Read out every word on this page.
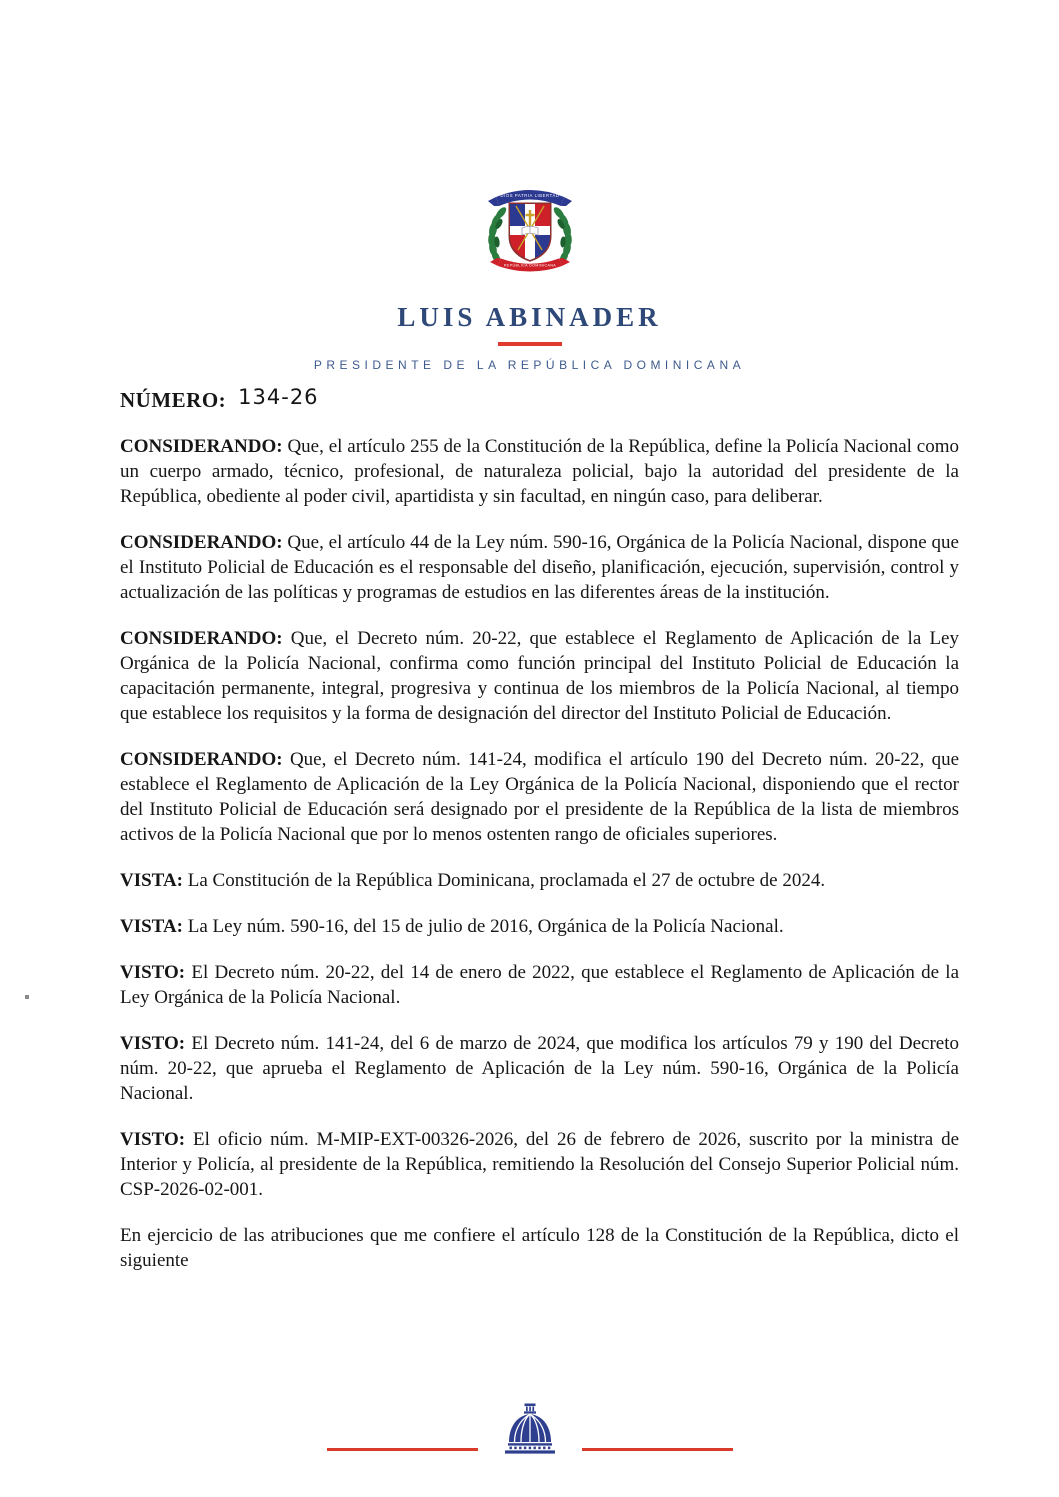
DIOS PATRIA LIBERTAD
REPÚBLICA DOMINICANA
LUIS ABINADER
PRESIDENTE DE LA REPÚBLICA DOMINICANA
NÚMERO: 134-26

CONSIDERANDO: Que, el artículo 255 de la Constitución de la República, define la Policía Nacional como un cuerpo armado, técnico, profesional, de naturaleza policial, bajo la autoridad del presidente de la República, obediente al poder civil, apartidista y sin facultad, en ningún caso, para deliberar.

CONSIDERANDO: Que, el artículo 44 de la Ley núm. 590-16, Orgánica de la Policía Nacional, dispone que el Instituto Policial de Educación es el responsable del diseño, planificación, ejecución, supervisión, control y actualización de las políticas y programas de estudios en las diferentes áreas de la institución.

CONSIDERANDO: Que, el Decreto núm. 20-22, que establece el Reglamento de Aplicación de la Ley Orgánica de la Policía Nacional, confirma como función principal del Instituto Policial de Educación la capacitación permanente, integral, progresiva y continua de los miembros de la Policía Nacional, al tiempo que establece los requisitos y la forma de designación del director del Instituto Policial de Educación.

CONSIDERANDO: Que, el Decreto núm. 141-24, modifica el artículo 190 del Decreto núm. 20-22, que establece el Reglamento de Aplicación de la Ley Orgánica de la Policía Nacional, disponiendo que el rector del Instituto Policial de Educación será designado por el presidente de la República de la lista de miembros activos de la Policía Nacional que por lo menos ostenten rango de oficiales superiores.

VISTA: La Constitución de la República Dominicana, proclamada el 27 de octubre de 2024.

VISTA: La Ley núm. 590-16, del 15 de julio de 2016, Orgánica de la Policía Nacional.

VISTO: El Decreto núm. 20-22, del 14 de enero de 2022, que establece el Reglamento de Aplicación de la Ley Orgánica de la Policía Nacional.

VISTO: El Decreto núm. 141-24, del 6 de marzo de 2024, que modifica los artículos 79 y 190 del Decreto núm. 20-22, que aprueba el Reglamento de Aplicación de la Ley núm. 590-16, Orgánica de la Policía Nacional.

VISTO: El oficio núm. M-MIP-EXT-00326-2026, del 26 de febrero de 2026, suscrito por la ministra de Interior y Policía, al presidente de la República, remitiendo la Resolución del Consejo Superior Policial núm. CSP-2026-02-001.

En ejercicio de las atribuciones que me confiere el artículo 128 de la Constitución de la República, dicto el siguiente
